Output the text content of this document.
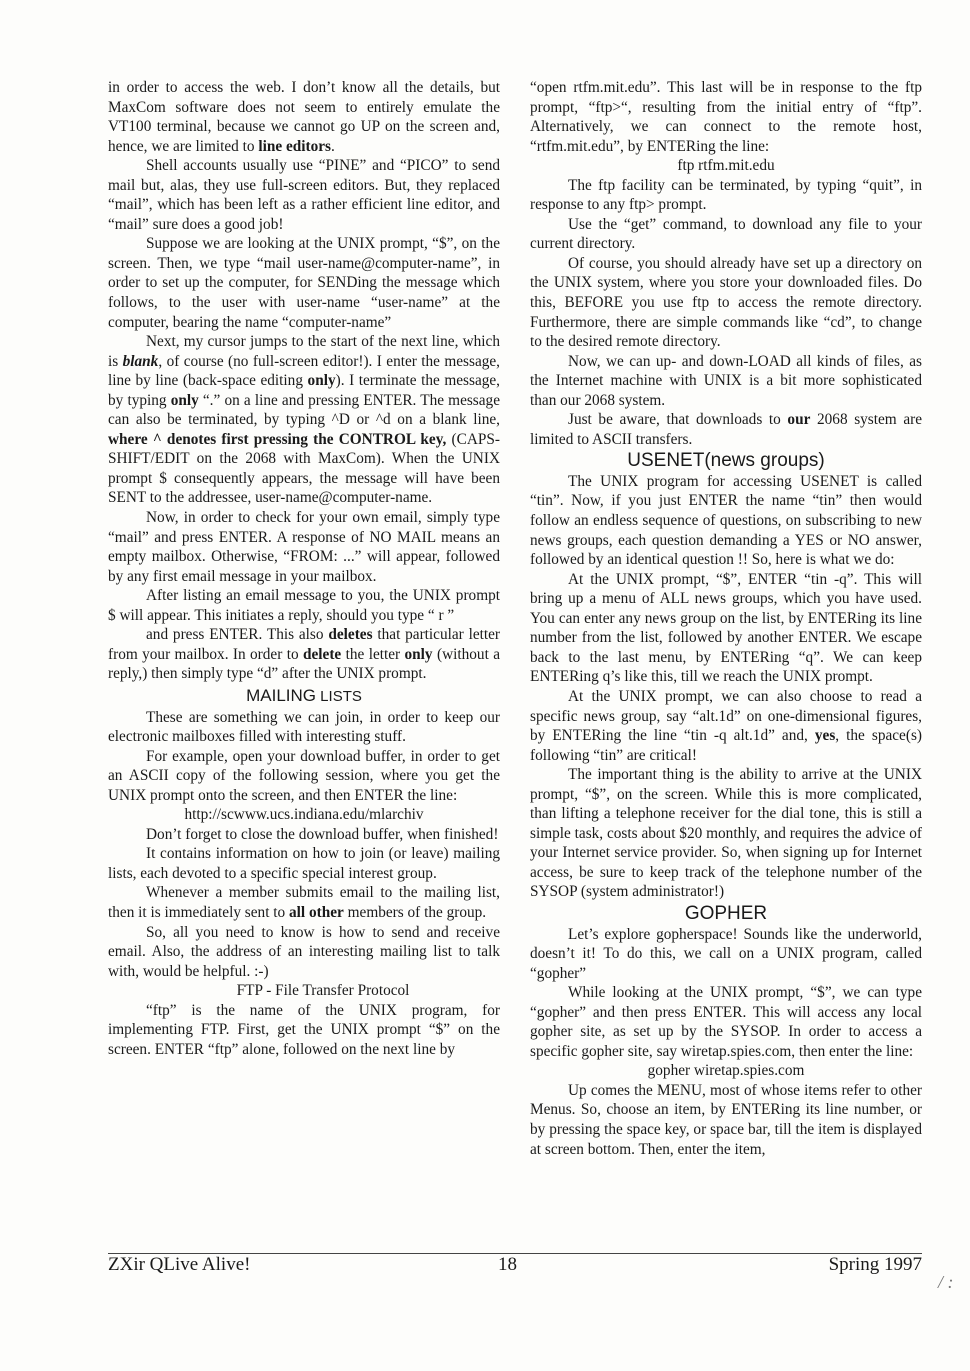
in order to access the web. I don’t know all the details, but MaxCom software does not seem to entirely emulate the VT100 terminal, because we cannot go UP on the screen and, hence, we are limited to line editors.

Shell accounts usually use “PINE” and “PICO” to send mail but, alas, they use full-screen editors. But, they replaced “mail”, which has been left as a rather efficient line editor, and “mail” sure does a good job!

Suppose we are looking at the UNIX prompt, “$”, on the screen. Then, we type “mail user-name@computer-name”, in order to set up the computer, for SENDing the message which follows, to the user with user-name “user-name” at the computer, bearing the name “computer-name”

Next, my cursor jumps to the start of the next line, which is blank, of course (no full-screen editor!). I enter the message, line by line (back-space editing only). I terminate the message, by typing only “.” on a line and pressing ENTER. The message can also be terminated, by typing ^D or ^d on a blank line, where ^ denotes first pressing the CONTROL key, (CAPS-SHIFT/EDIT on the 2068 with MaxCom). When the UNIX prompt $ consequently appears, the message will have been SENT to the addressee, user-name@computer-name.

Now, in order to check for your own email, simply type “mail” and press ENTER. A response of NO MAIL means an empty mailbox. Otherwise, “FROM: ...” will appear, followed by any first email message in your mailbox.

After listing an email message to you, the UNIX prompt $ will appear. This initiates a reply, should you type “ r ”

and press ENTER. This also deletes that particular letter from your mailbox. In order to delete the letter only (without a reply,) then simply type “d” after the UNIX prompt.

MAILING LISTS

These are something we can join, in order to keep our electronic mailboxes filled with interesting stuff.

For example, open your download buffer, in order to get an ASCII copy of the following session, where you get the UNIX prompt onto the screen, and then ENTER the line:

http://scwww.ucs.indiana.edu/mlarchiv

Don’t forget to close the download buffer, when finished!

It contains information on how to join (or leave) mailing lists, each devoted to a specific special interest group.

Whenever a member submits email to the mailing list, then it is immediately sent to all other members of the group.

So, all you need to know is how to send and receive email. Also, the address of an interesting mailing list to talk with, would be helpful. :-)

FTP - File Transfer Protocol

“ftp” is the name of the UNIX program, for implementing FTP. First, get the UNIX prompt “$” on the screen. ENTER “ftp” alone, followed on the next line by

“open rtfm.mit.edu”. This last will be in response to the ftp prompt, “ftp>“, resulting from the initial entry of “ftp”. Alternatively, we can connect to the remote host, “rtfm.mit.edu”, by ENTERing the line:

ftp rtfm.mit.edu

The ftp facility can be terminated, by typing “quit”, in response to any ftp> prompt.

Use the “get” command, to download any file to your current directory.

Of course, you should already have set up a directory on the UNIX system, where you store your downloaded files. Do this, BEFORE you use ftp to access the remote directory. Furthermore, there are simple commands like “cd”, to change to the desired remote directory.

Now, we can up- and down-LOAD all kinds of files, as the Internet machine with UNIX is a bit more sophisticated than our 2068 system.

Just be aware, that downloads to our 2068 system are limited to ASCII transfers.

USENET(news groups)

The UNIX program for accessing USENET is called “tin”. Now, if you just ENTER the name “tin” then would follow an endless sequence of questions, on subscribing to new news groups, each question demanding a YES or NO answer, followed by an identical question !! So, here is what we do:

At the UNIX prompt, “$”, ENTER “tin -q”. This will bring up a menu of ALL news groups, which you have used. You can enter any news group on the list, by ENTERing its line number from the list, followed by another ENTER. We escape back to the last menu, by ENTERing “q”. We can keep ENTERing q’s like this, till we reach the UNIX prompt.

At the UNIX prompt, we can also choose to read a specific news group, say “alt.1d” on one-dimensional figures, by ENTERing the line “tin -q alt.1d” and, yes, the space(s) following “tin” are critical!

The important thing is the ability to arrive at the UNIX prompt, “$”, on the screen. While this is more complicated, than lifting a telephone receiver for the dial tone, this is still a simple task, costs about $20 monthly, and requires the advice of your Internet service provider. So, when signing up for Internet access, be sure to keep track of the telephone number of the SYSOP (system administrator!)

GOPHER

Let’s explore gopherspace! Sounds like the underworld, doesn’t it! To do this, we call on a UNIX program, called “gopher”

While looking at the UNIX prompt, “$”, we can type “gopher” and then press ENTER. This will access any local gopher site, as set up by the SYSOP. In order to access a specific gopher site, say wiretap.spies.com, then enter the line:

gopher wiretap.spies.com

Up comes the MENU, most of whose items refer to other Menus. So, choose an item, by ENTERing its line number, or by pressing the space key, or space bar, till the item is displayed at screen bottom. Then, enter the item,

ZXir QLive Alive!	18	Spring 1997
/ :
